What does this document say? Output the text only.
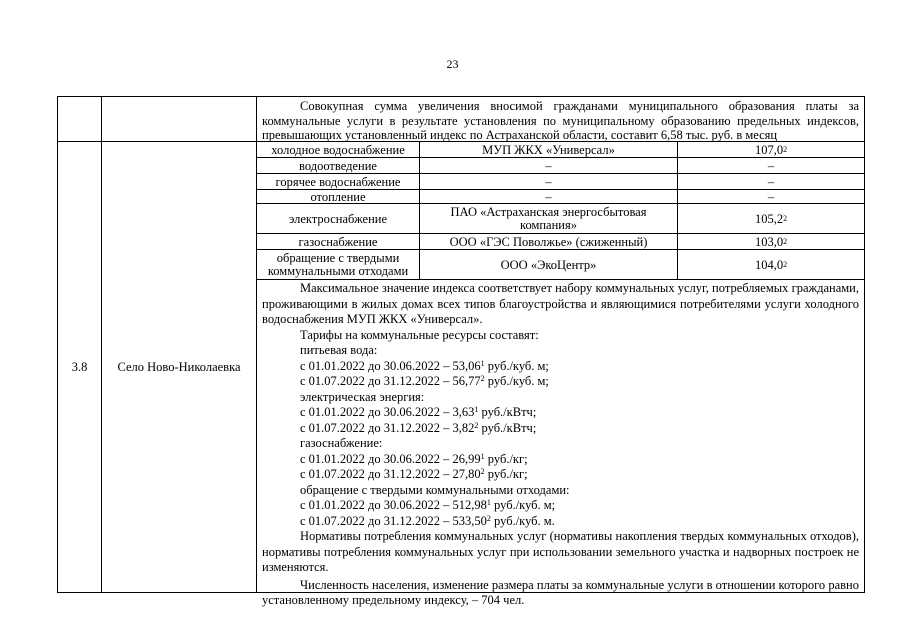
23
Совокупная сумма увеличения вносимой гражданами муниципального образования платы за коммунальные услуги в результате установления по муниципальному образованию предельных индексов, превышающих установленный индекс по Астраханской области, составит 6,58 тыс. руб. в месяц
3.8	Село Ново-Николаевка
холодное водоснабжение	МУП ЖКХ «Универсал»	107,0 2
водоотведение	–	–
горячее водоснабжение	–	–
отопление	–	–
электроснабжение	ПАО «Астраханская энергосбытовая компания»	105,2 2
газоснабжение	ООО «ГЭС Поволжье» (сжиженный)	103,0 2
обращение с твердыми коммунальными отходами	ООО «ЭкоЦентр»	104,0 2
Максимальное значение индекса соответствует набору коммунальных услуг, потребляемых гражданами, проживающими в жилых домах всех типов благоустройства и являющимися потребителями услуги холодного водоснабжения МУП ЖКХ «Универсал».
Тарифы на коммунальные ресурсы составят:
питьевая вода:
с 01.01.2022 до 30.06.2022 – 53,06$^1$ руб./куб. м;
с 01.07.2022 до 31.12.2022 – 56,77$^2$ руб./куб. м;
электрическая энергия:
с 01.01.2022 до 30.06.2022 – 3,63$^1$ руб./кВтч;
с 01.07.2022 до 31.12.2022 – 3,82$^2$ руб./кВтч;
газоснабжение:
с 01.01.2022 до 30.06.2022 – 26,99$^1$ руб./кг;
с 01.07.2022 до 31.12.2022 – 27,80$^2$ руб./кг;
обращение с твердыми коммунальными отходами:
с 01.01.2022 до 30.06.2022 – 512,98$^1$ руб./куб. м;
с 01.07.2022 до 31.12.2022 – 533,50$^2$ руб./куб. м.
Нормативы потребления коммунальных услуг (нормативы накопления твердых коммунальных отходов), нормативы потребления коммунальных услуг при использовании земельного участка и надворных построек не изменяются.
Численность населения, изменение размера платы за коммунальные услуги в отношении которого равно установленному предельному индексу, – 704 чел.
